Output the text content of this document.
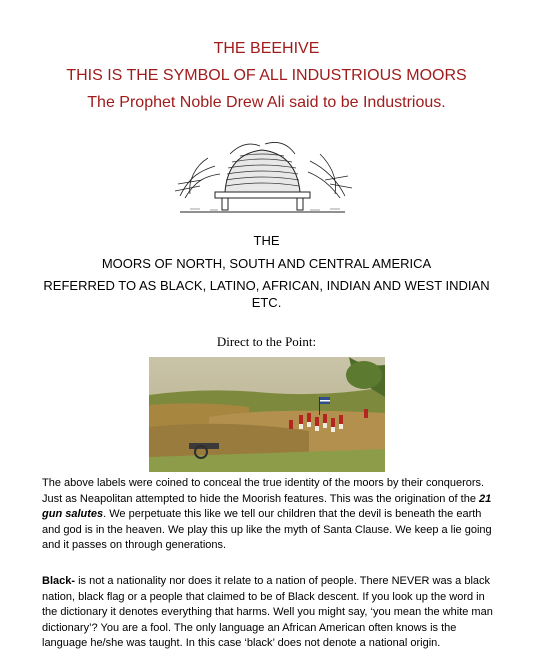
THE BEEHIVE
THIS IS THE SYMBOL OF ALL INDUSTRIOUS MOORS
The Prophet Noble Drew Ali said to be Industrious.
THE
MOORS OF NORTH, SOUTH AND CENTRAL AMERICA
REFERRED TO AS BLACK, LATINO, AFRICAN, INDIAN AND WEST INDIAN ETC.
Direct to the Point:
The above labels were coined to conceal the true identity of the moors by their conquerors. Just as Neapolitan attempted to hide the Moorish features. This was the origination of the 21 gun salutes. We perpetuate this like we tell our children that the devil is beneath the earth and god is in the heaven. We play this up like the myth of Santa Clause. We keep a lie going and it passes on through generations.
Black- is not a nationality nor does it relate to a nation of people. There NEVER was a black nation, black flag or a people that claimed to be of Black descent. If you look up the word in the dictionary it denotes everything that harms. Well you might say, ‘you mean the white man dictionary’? You are a fool. The only language an African American often knows is the language he/she was taught. In this case ‘black’ does not denote a national origin.
